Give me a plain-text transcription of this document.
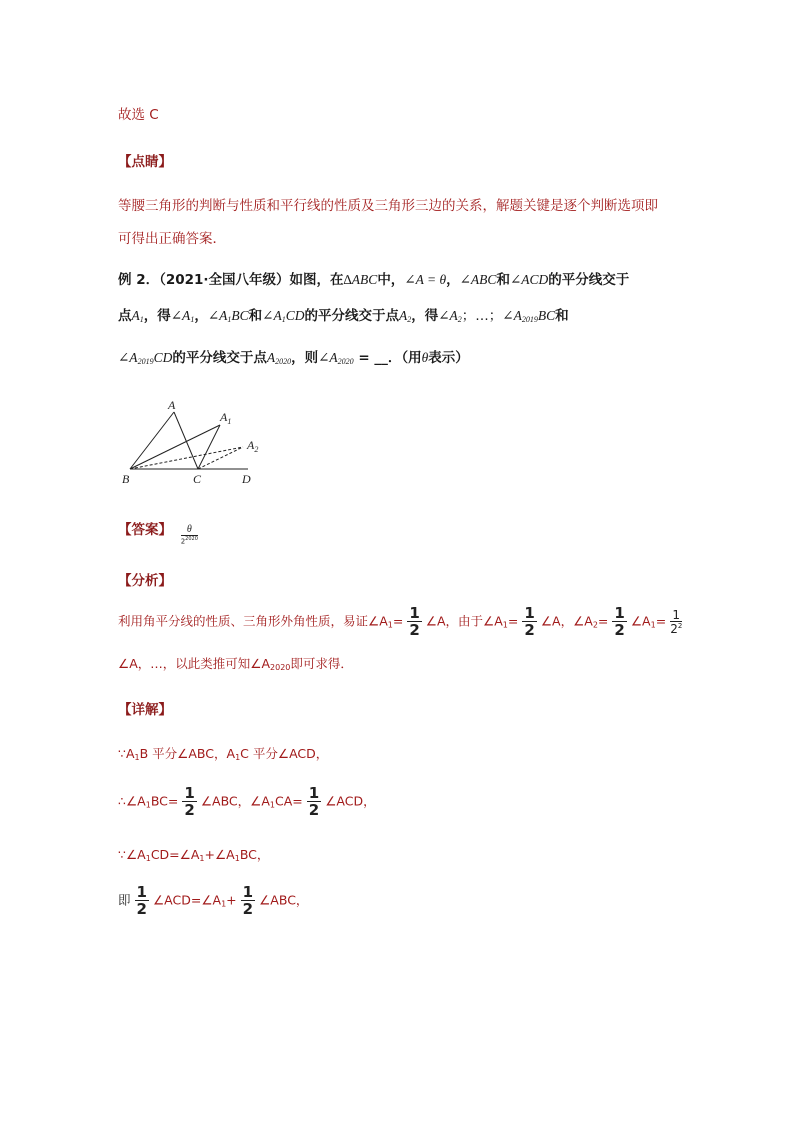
故选 C
【点睛】
等腰三角形的判断与性质和平行线的性质及三角形三边的关系，解题关键是逐个判断选项即
可得出正确答案．
例 2．（2021·全国八年级）如图，在∆ABC中，∠A = θ，∠ABC和∠ACD的平分线交于
点$A_1$，得$\angle A_1$，$\angle A_1BC$和$\angle A_1CD$的平分线交于点$A_2$，得$\angle A_2$；…；$\angle A_{2019}BC$和
$\angle A_{2019}CD$的平分线交于点$A_{2020}$，则$\angle A_{2020}$ = __．（用θ表示）
A
$A_1$
$A_2$
B	C	D
【答案】 $\frac{\theta}{2^{2020}}$
【分析】
利用角平分线的性质、三角形外角性质，易证$\angle A_1= \frac{1}{2}$ ∠A，由于$\angle A_1= \frac{1}{2}$ ∠A，$\angle A_2= \frac{1}{2}$ $\angle A_1= \frac{1}{2^2}$
∠A，…，以此类推可知$\angle A_{2020}$即可求得．
【详解】
$\because A_1B$ 平分∠ABC，$A_1C$ 平分∠ACD，
$\therefore\angle A_1BC= \frac{1}{2}$ ∠ABC，$\angle A_1CA= \frac{1}{2}$ ∠ACD，
$\because\angle A_1CD=\angle A_1+\angle A_1BC$，
即 $\frac{1}{2}$ $\angle ACD=\angle A_1+ \frac{1}{2}$ ∠ABC，
